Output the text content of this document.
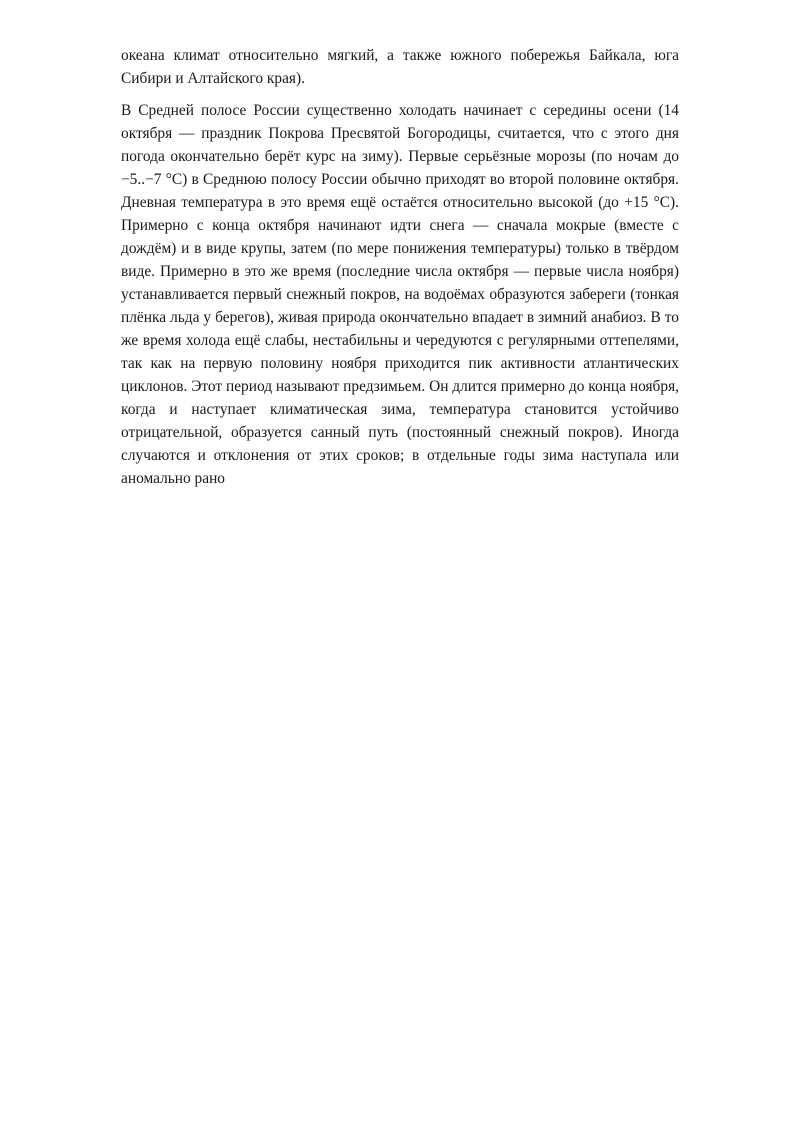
океана климат относительно мягкий, а также южного побережья Байкала, юга Сибири и Алтайского края).

В Средней полосе России существенно холодать начинает с середины осени (14 октября — праздник Покрова Пресвятой Богородицы, считается, что с этого дня погода окончательно берёт курс на зиму). Первые серьёзные морозы (по ночам до −5..−7 °C) в Среднюю полосу России обычно приходят во второй половине октября. Дневная температура в это время ещё остаётся относительно высокой (до +15 °C). Примерно с конца октября начинают идти снега — сначала мокрые (вместе с дождём) и в виде крупы, затем (по мере понижения температуры) только в твёрдом виде. Примерно в это же время (последние числа октября — первые числа ноября) устанавливается первый снежный покров, на водоёмах образуются забереги (тонкая плёнка льда у берегов), живая природа окончательно впадает в зимний анабиоз. В то же время холода ещё слабы, нестабильны и чередуются с регулярными оттепелями, так как на первую половину ноября приходится пик активности атлантических циклонов. Этот период называют предзимьем. Он длится примерно до конца ноября, когда и наступает климатическая зима, температура становится устойчиво отрицательной, образуется санный путь (постоянный снежный покров). Иногда случаются и отклонения от этих сроков; в отдельные годы зима наступала или аномально рано
